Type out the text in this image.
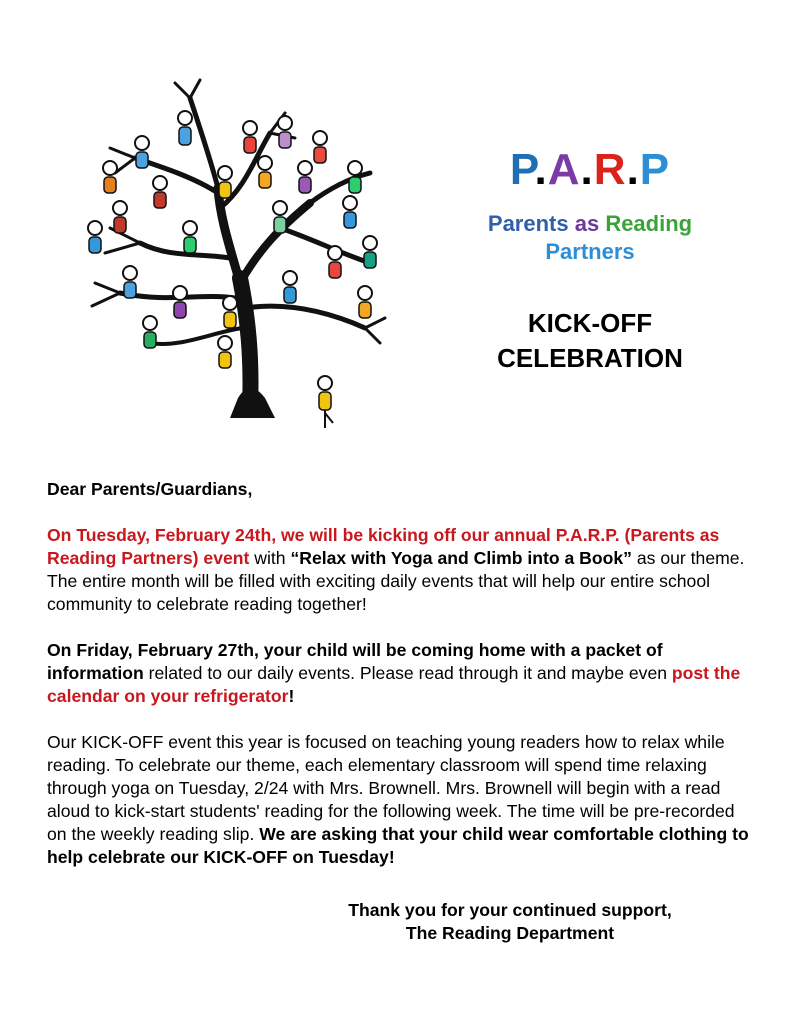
P.A.R.P
Parents as Reading
Partners
KICK-OFF
CELEBRATION

Dear Parents/Guardians,

On Tuesday, February 24th, we will be kicking off our annual P.A.R.P. (Parents as Reading Partners) event with “Relax with Yoga and Climb into a Book” as our theme. The entire month will be filled with exciting daily events that will help our entire school community to celebrate reading together!

On Friday, February 27th, your child will be coming home with a packet of information related to our daily events. Please read through it and maybe even post the calendar on your refrigerator!

Our KICK-OFF event this year is focused on teaching young readers how to relax while reading. To celebrate our theme, each elementary classroom will spend time relaxing through yoga on Tuesday, 2/24 with Mrs. Brownell. Mrs. Brownell will begin with a read aloud to kick-start students' reading for the following week. The time will be pre-recorded on the weekly reading slip. We are asking that your child wear comfortable clothing to help celebrate our KICK-OFF on Tuesday!

Thank you for your continued support,
The Reading Department
